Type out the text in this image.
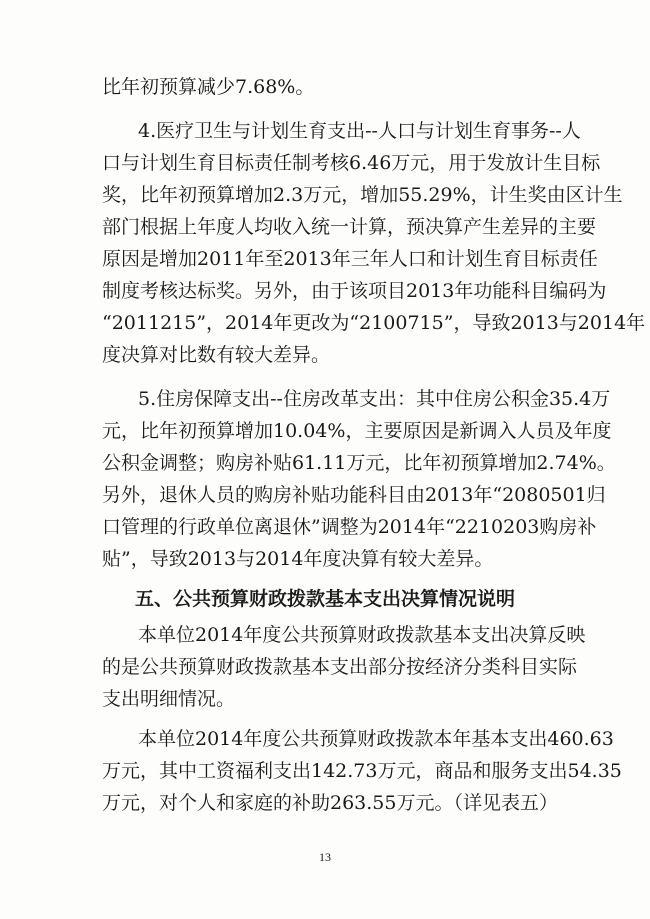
比年初预算减少7.68%。
4.医疗卫生与计划生育支出--人口与计划生育事务--人
口与计划生育目标责任制考核6.46万元，用于发放计生目标
奖，比年初预算增加2.3万元，增加55.29%，计生奖由区计生
部门根据上年度人均收入统一计算，预决算产生差异的主要
原因是增加2011年至2013年三年人口和计划生育目标责任
制度考核达标奖。另外，由于该项目2013年功能科目编码为
“2011215”，2014年更改为“2100715”，导致2013与2014年
度决算对比数有较大差异。
5.住房保障支出--住房改革支出：其中住房公积金35.4万
元，比年初预算增加10.04%，主要原因是新调入人员及年度
公积金调整；购房补贴61.11万元，比年初预算增加2.74%。
另外，退休人员的购房补贴功能科目由2013年“2080501归
口管理的行政单位离退休”调整为2014年“2210203购房补
贴”，导致2013与2014年度决算有较大差异。
五、公共预算财政拨款基本支出决算情况说明
本单位2014年度公共预算财政拨款基本支出决算反映
的是公共预算财政拨款基本支出部分按经济分类科目实际
支出明细情况。
本单位2014年度公共预算财政拨款本年基本支出460.63
万元，其中工资福利支出142.73万元，商品和服务支出54.35
万元，对个人和家庭的补助263.55万元。（详见表五）
13
